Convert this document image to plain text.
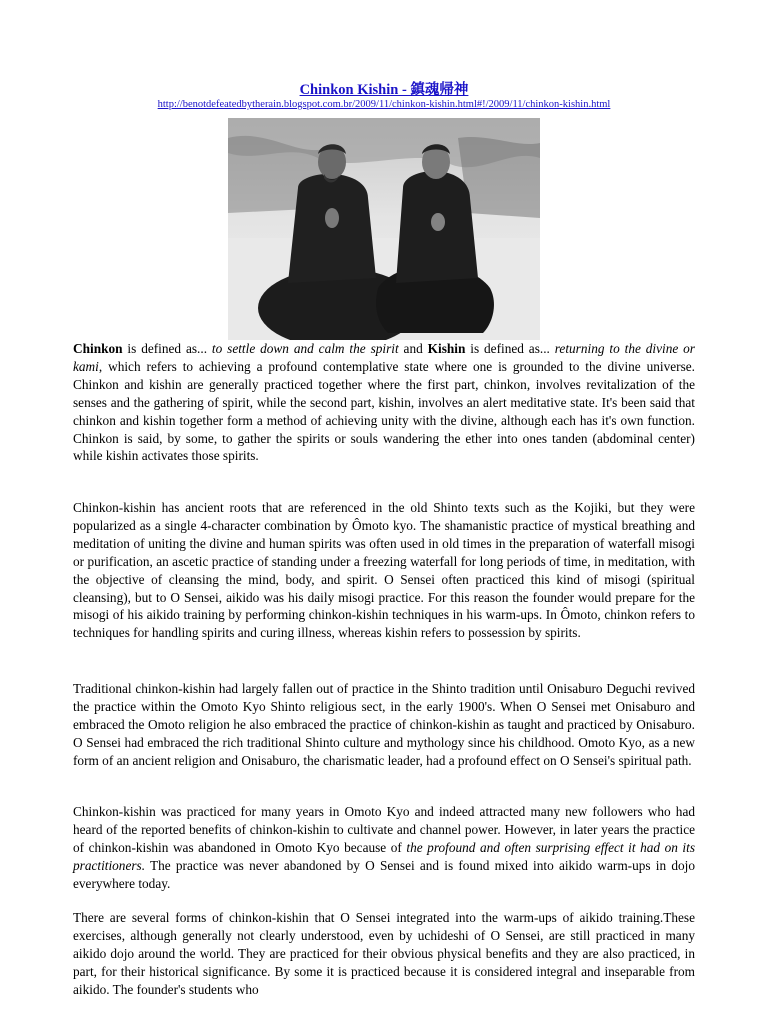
Chinkon Kishin - 鎮魂帰神
http://benotdefeatedbytherain.blogspot.com.br/2009/11/chinkon-kishin.html#!/2009/11/chinkon-kishin.html

Chinkon is defined as... to settle down and calm the spirit and Kishin is defined as... returning to the divine or kami, which refers to achieving a profound contemplative state where one is grounded to the divine universe. Chinkon and kishin are generally practiced together where the first part, chinkon, involves revitalization of the senses and the gathering of spirit, while the second part, kishin, involves an alert meditative state. It's been said that chinkon and kishin together form a method of achieving unity with the divine, although each has it's own function. Chinkon is said, by some, to gather the spirits or souls wandering the ether into ones tanden (abdominal center) while kishin activates those spirits.

Chinkon-kishin has ancient roots that are referenced in the old Shinto texts such as the Kojiki, but they were popularized as a single 4-character combination by Ômoto kyo. The shamanistic practice of mystical breathing and meditation of uniting the divine and human spirits was often used in old times in the preparation of waterfall misogi or purification, an ascetic practice of standing under a freezing waterfall for long periods of time, in meditation, with the objective of cleansing the mind, body, and spirit. O Sensei often practiced this kind of misogi (spiritual cleansing), but to O Sensei, aikido was his daily misogi practice. For this reason the founder would prepare for the misogi of his aikido training by performing chinkon-kishin techniques in his warm-ups. In Ômoto, chinkon refers to techniques for handling spirits and curing illness, whereas kishin refers to possession by spirits.

Traditional chinkon-kishin had largely fallen out of practice in the Shinto tradition until Onisaburo Deguchi revived the practice within the Omoto Kyo Shinto religious sect, in the early 1900's. When O Sensei met Onisaburo and embraced the Omoto religion he also embraced the practice of chinkon-kishin as taught and practiced by Onisaburo. O Sensei had embraced the rich traditional Shinto culture and mythology since his childhood. Omoto Kyo, as a new form of an ancient religion and Onisaburo, the charismatic leader, had a profound effect on O Sensei's spiritual path.

Chinkon-kishin was practiced for many years in Omoto Kyo and indeed attracted many new followers who had heard of the reported benefits of chinkon-kishin to cultivate and channel power. However, in later years the practice of chinkon-kishin was abandoned in Omoto Kyo because of the profound and often surprising effect it had on its practitioners. The practice was never abandoned by O Sensei and is found mixed into aikido warm-ups in dojo everywhere today.

There are several forms of chinkon-kishin that O Sensei integrated into the warm-ups of aikido training.These exercises, although generally not clearly understood, even by uchideshi of O Sensei, are still practiced in many aikido dojo around the world. They are practiced for their obvious physical benefits and they are also practiced, in part, for their historical significance. By some it is practiced because it is considered integral and inseparable from aikido. The founder's students who
